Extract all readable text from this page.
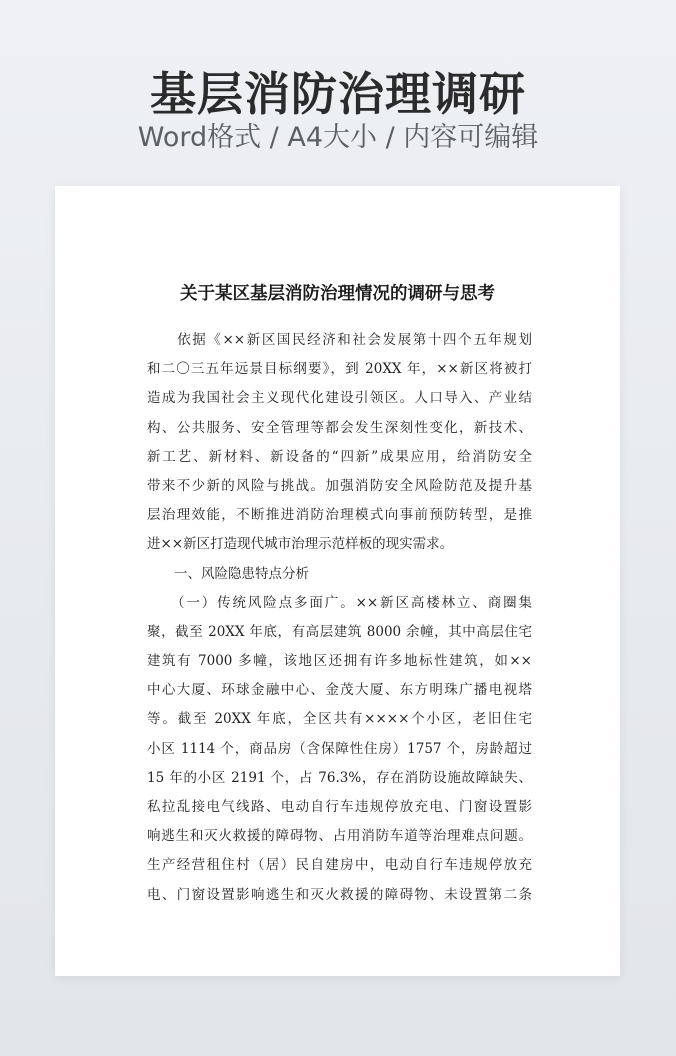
基层消防治理调研

Word格式 / A4大小 / 内容可编辑

关于某区基层消防治理情况的调研与思考
　　依据《××新区国民经济和社会发展第十四个五年规划
和二〇三五年远景目标纲要》，到 20XX 年，××新区将被打
造成为我国社会主义现代化建设引领区。人口导入、产业结
构、公共服务、安全管理等都会发生深刻性变化，新技术、
新工艺、新材料、新设备的“四新”成果应用，给消防安全
带来不少新的风险与挑战。加强消防安全风险防范及提升基
层治理效能，不断推进消防治理模式向事前预防转型，是推
进××新区打造现代城市治理示范样板的现实需求。
　　一、风险隐患特点分析
　　（一）传统风险点多面广。××新区高楼林立、商圈集
聚，截至 20XX 年底，有高层建筑 8000 余幢，其中高层住宅
建筑有 7000 多幢，该地区还拥有许多地标性建筑，如××
中心大厦、环球金融中心、金茂大厦、东方明珠广播电视塔
等。截至 20XX 年底，全区共有××××个小区，老旧住宅
小区 1114 个，商品房（含保障性住房）1757 个，房龄超过
15 年的小区 2191 个，占 76.3%，存在消防设施故障缺失、
私拉乱接电气线路、电动自行车违规停放充电、门窗设置影
响逃生和灭火救援的障碍物、占用消防车道等治理难点问题。
生产经营租住村（居）民自建房中，电动自行车违规停放充
电、门窗设置影响逃生和灭火救援的障碍物、未设置第二条
